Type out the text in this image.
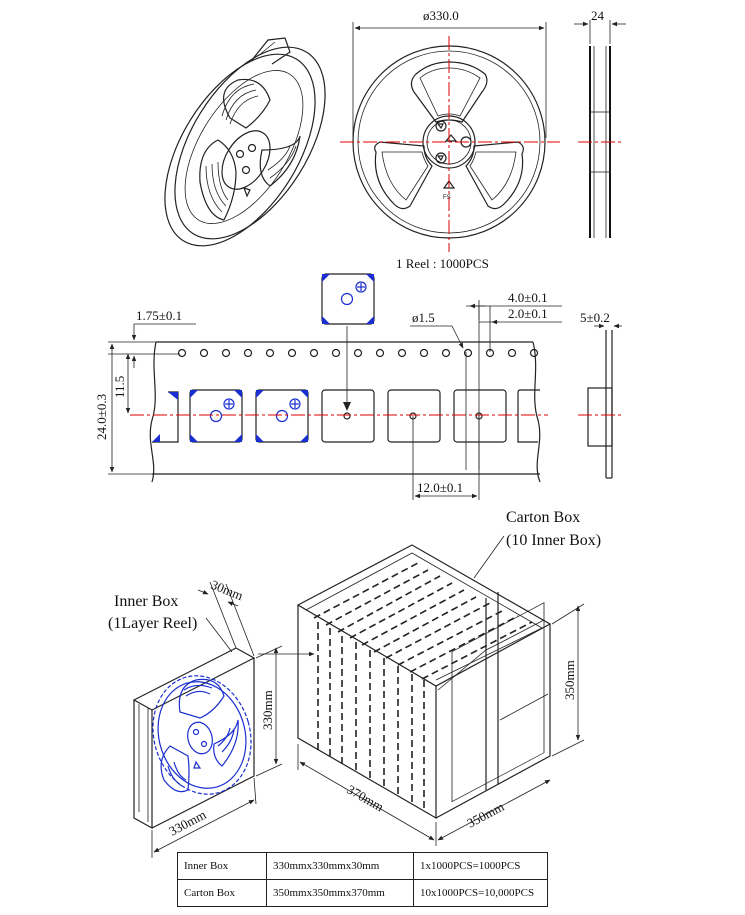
ø330.0
FS
1 Reel : 1000PCS
24
24.0±0.3
11.5
1.75±0.1	ø1.5
4.0±0.1
2.0±0.1
12.0±0.1
5±0.2
370mm
350mm
350mm
Carton Box
(10 Inner Box)
30mm
330mm
330mm
Inner Box
(1Layer Reel)
Inner Box	330mmx330mmx30mm	1x1000PCS=1000PCS
Carton Box	350mmx350mmx370mm	10x1000PCS=10,000PCS
